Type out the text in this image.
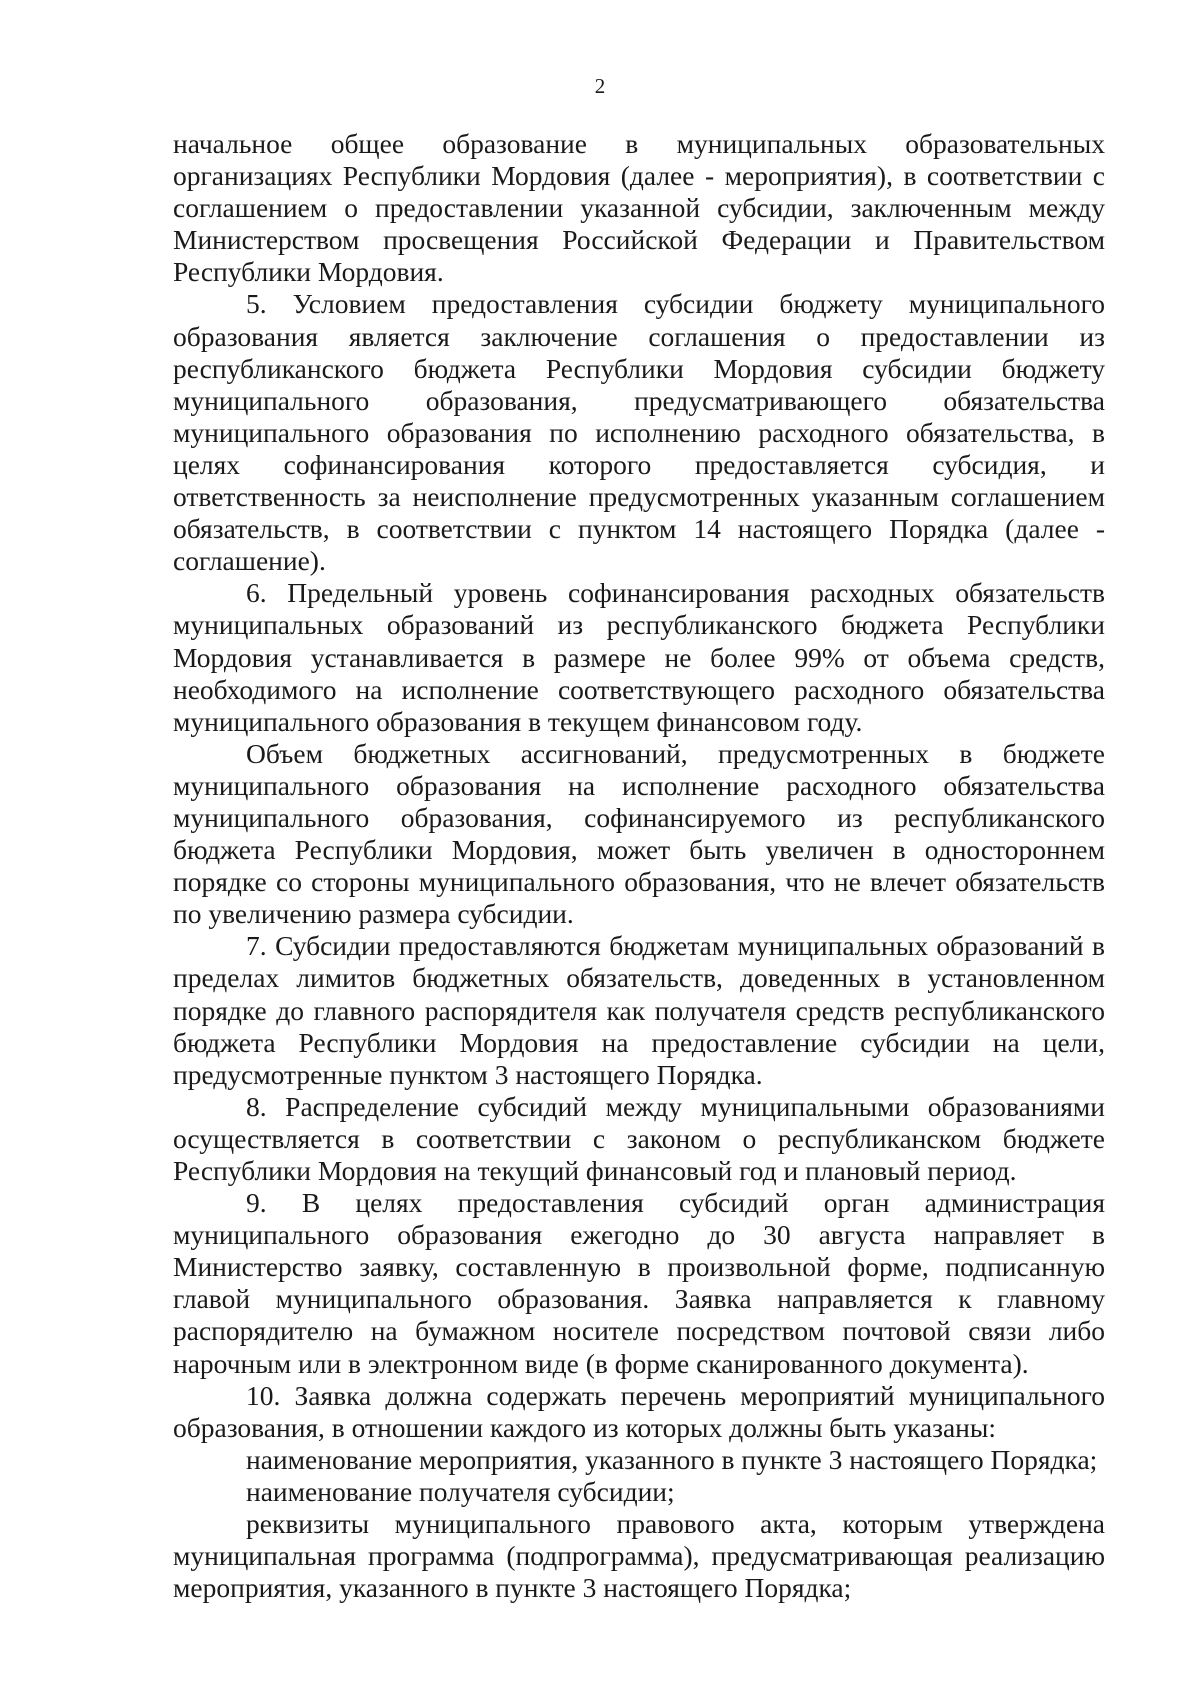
2

начальное общее образование в муниципальных образовательных организациях Республики Мордовия (далее - мероприятия), в соответствии с соглашением о предоставлении указанной субсидии, заключенным между Министерством просвещения Российской Федерации и Правительством Республики Мордовия.

5. Условием предоставления субсидии бюджету муниципального образования является заключение соглашения о предоставлении из республиканского бюджета Республики Мордовия субсидии бюджету муниципального образования, предусматривающего обязательства муниципального образования по исполнению расходного обязательства, в целях софинансирования которого предоставляется субсидия, и ответственность за неисполнение предусмотренных указанным соглашением обязательств, в соответствии с пунктом 14 настоящего Порядка (далее - соглашение).

6. Предельный уровень софинансирования расходных обязательств муниципальных образований из республиканского бюджета Республики Мордовия устанавливается в размере не более 99% от объема средств, необходимого на исполнение соответствующего расходного обязательства муниципального образования в текущем финансовом году.

Объем бюджетных ассигнований, предусмотренных в бюджете муниципального образования на исполнение расходного обязательства муниципального образования, софинансируемого из республиканского бюджета Республики Мордовия, может быть увеличен в одностороннем порядке со стороны муниципального образования, что не влечет обязательств по увеличению размера субсидии.

7. Субсидии предоставляются бюджетам муниципальных образований в пределах лимитов бюджетных обязательств, доведенных в установленном порядке до главного распорядителя как получателя средств республиканского бюджета Республики Мордовия на предоставление субсидии на цели, предусмотренные пунктом 3 настоящего Порядка.

8. Распределение субсидий между муниципальными образованиями осуществляется в соответствии с законом о республиканском бюджете Республики Мордовия на текущий финансовый год и плановый период.

9. В целях предоставления субсидий орган администрация муниципального образования ежегодно до 30 августа направляет в Министерство заявку, составленную в произвольной форме, подписанную главой муниципального образования. Заявка направляется к главному распорядителю на бумажном носителе посредством почтовой связи либо нарочным или в электронном виде (в форме сканированного документа).

10. Заявка должна содержать перечень мероприятий муниципального образования, в отношении каждого из которых должны быть указаны:

наименование мероприятия, указанного в пункте 3 настоящего Порядка;

наименование получателя субсидии;

реквизиты муниципального правового акта, которым утверждена муниципальная программа (подпрограмма), предусматривающая реализацию мероприятия, указанного в пункте 3 настоящего Порядка;
